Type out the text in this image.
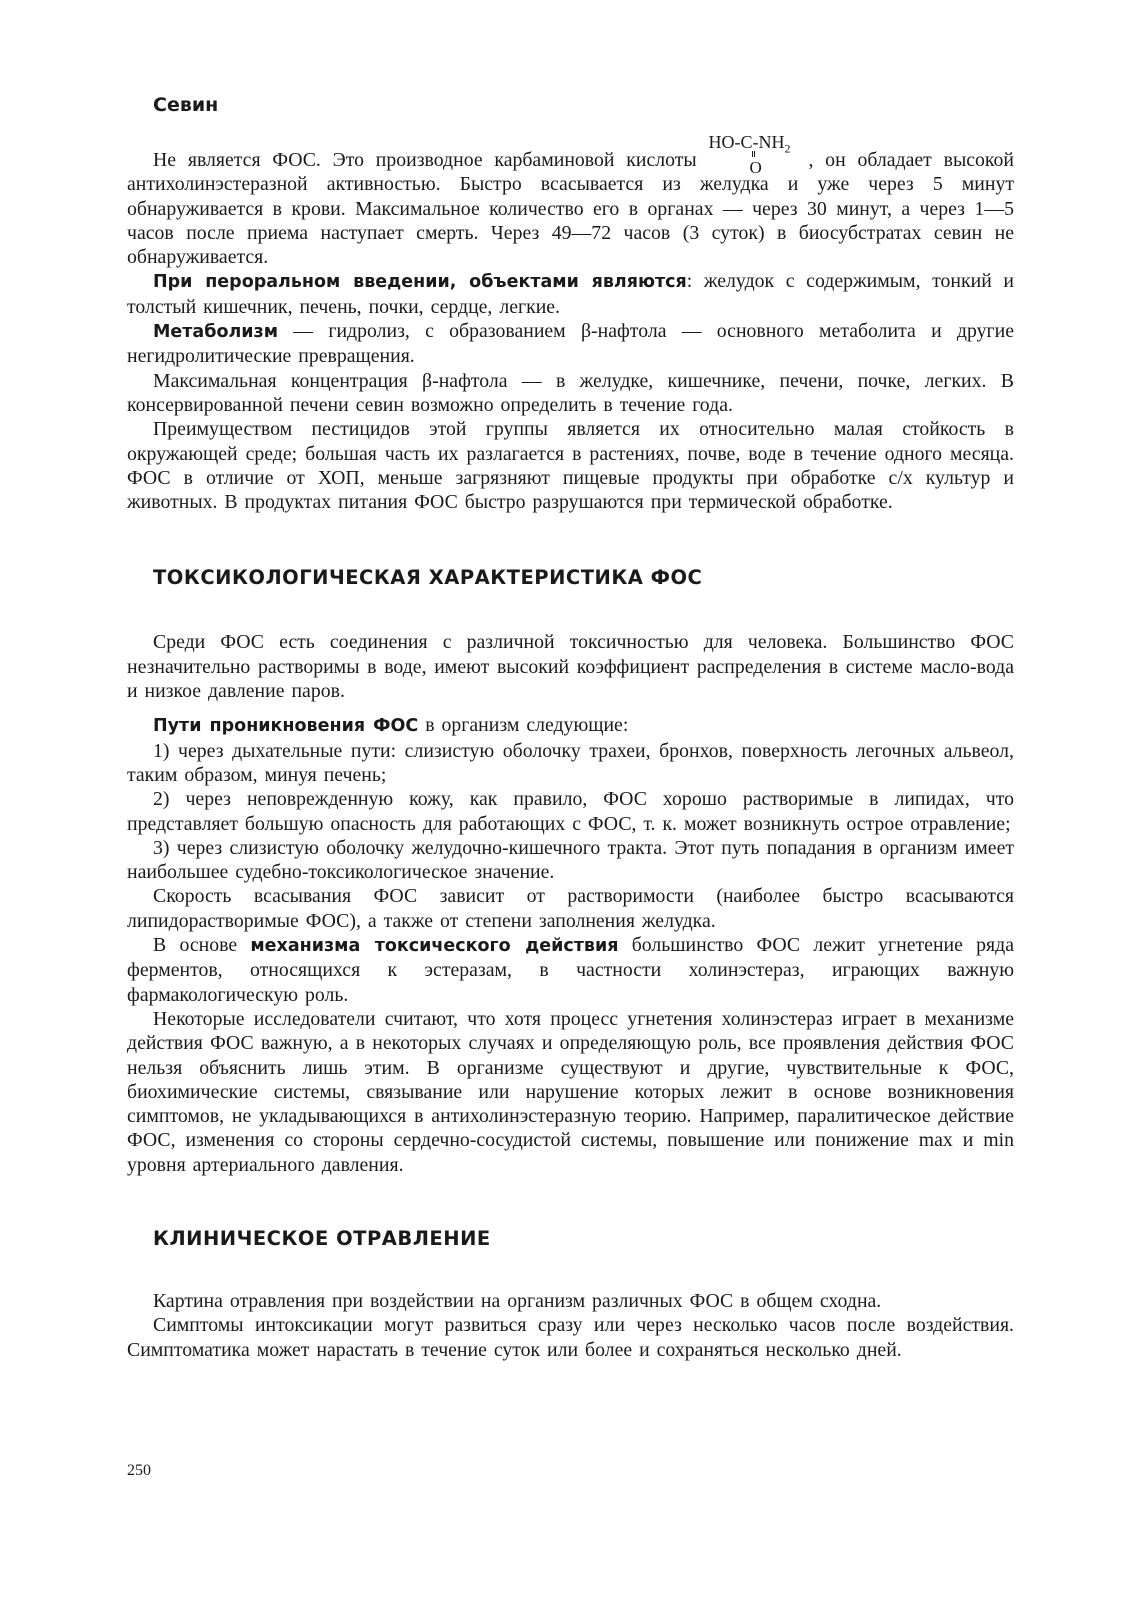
Севин

Не является ФОС. Это производное карбаминовой кислоты
$HO-C-NH_2$
O , он обладает высокой антихолинэстеразной активностью. Быстро всасывается из желудка и уже через 5 минут обнаруживается в крови. Максимальное количество его в органах — через 30 минут, а через 1—5 часов после приема наступает смерть. Через 49—72 часов (3 суток) в биосубстратах севин не обнаруживается.

При пероральном введении, объектами являются: желудок с содержимым, тонкий и толстый кишечник, печень, почки, сердце, легкие.

Метаболизм — гидролиз, с образованием β-нафтола — основного метаболита и другие негидролитические превращения.

Максимальная концентрация β-нафтола — в желудке, кишечнике, печени, почке, легких. В консервированной печени севин возможно определить в течение года.

Преимуществом пестицидов этой группы является их относительно малая стойкость в окружающей среде; большая часть их разлагается в растениях, почве, воде в течение одного месяца. ФОС в отличие от ХОП, меньше загрязняют пищевые продукты при обработке с/х культур и животных. В продуктах питания ФОС быстро разрушаются при термической обработке.

ТОКСИКОЛОГИЧЕСКАЯ ХАРАКТЕРИСТИКА ФОС

Среди ФОС есть соединения с различной токсичностью для человека. Большинство ФОС незначительно растворимы в воде, имеют высокий коэффициент распределения в системе масло-вода и низкое давление паров.

Пути проникновения ФОС в организм следующие:

1) через дыхательные пути: слизистую оболочку трахеи, бронхов, поверхность легочных альвеол, таким образом, минуя печень;

2) через неповрежденную кожу, как правило, ФОС хорошо растворимые в липидах, что представляет большую опасность для работающих с ФОС, т. к. может возникнуть острое отравление;

3) через слизистую оболочку желудочно-кишечного тракта. Этот путь попадания в организм имеет наибольшее судебно-токсикологическое значение.

Скорость всасывания ФОС зависит от растворимости (наиболее быстро всасываются липидорастворимые ФОС), а также от степени заполнения желудка.

В основе механизма токсического действия большинство ФОС лежит угнетение ряда ферментов, относящихся к эстеразам, в частности холинэстераз, играющих важную фармакологическую роль.

Некоторые исследователи считают, что хотя процесс угнетения холинэстераз играет в механизме действия ФОС важную, а в некоторых случаях и определяющую роль, все проявления действия ФОС нельзя объяснить лишь этим. В организме существуют и другие, чувствительные к ФОС, биохимические системы, связывание или нарушение которых лежит в основе возникновения симптомов, не укладывающихся в антихолинэстеразную теорию. Например, паралитическое действие ФОС, изменения со стороны сердечно-сосудистой системы, повышение или понижение max и min уровня артериального давления.

КЛИНИЧЕСКОЕ ОТРАВЛЕНИЕ

Картина отравления при воздействии на организм различных ФОС в общем сходна.

Симптомы интоксикации могут развиться сразу или через несколько часов после воздействия. Симптоматика может нарастать в течение суток или более и сохраняться несколько дней.

250
